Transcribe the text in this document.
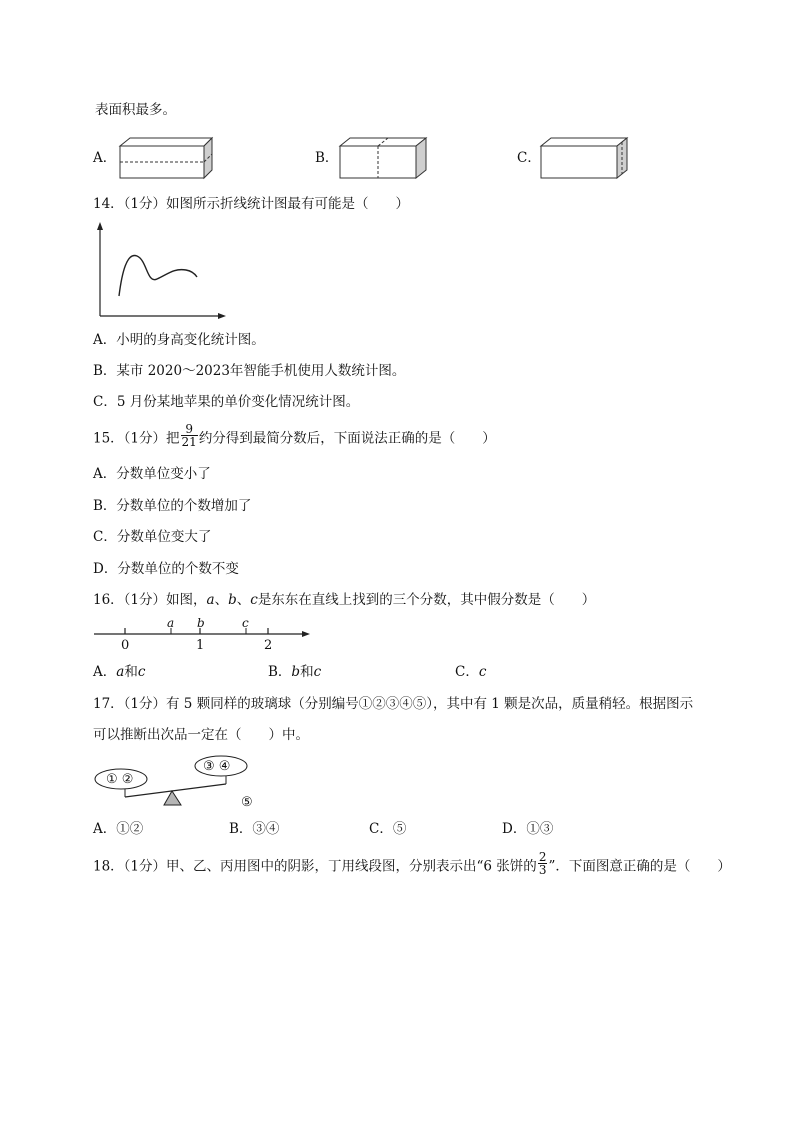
表面积最多。
A．	B．	C．
14．（1分）如图所示折线统计图最有可能是（　　）
A．小明的身高变化统计图。
B．某市 2020～2023年智能手机使用人数统计图。
C．5 月份某地苹果的单价变化情况统计图。
15．（1分）把 $\frac{9}{21}$ 约分得到最简分数后，下面说法正确的是（　　）
A．分数单位变小了
B．分数单位的个数增加了
C．分数单位变大了
D．分数单位的个数不变
16．（1分）如图，a、b、c是东东在直线上找到的三个分数，其中假分数是（　　）
0	1	2
a b	c
A．a和c	B．b和c	C．c
17．（1分）有 5 颗同样的玻璃球（分别编号①②③④⑤），其中有 1 颗是次品，质量稍轻。根据图示
可以推断出次品一定在（　　）中。
① ②
③ ④
⑤
A．①②	B．③④	C．⑤	D．①③
18．（1分）甲、乙、丙用图中的阴影，丁用线段图，分别表示出“6 张饼的 $\frac{2}{3}$ ”．下面图意正确的是（　　）
